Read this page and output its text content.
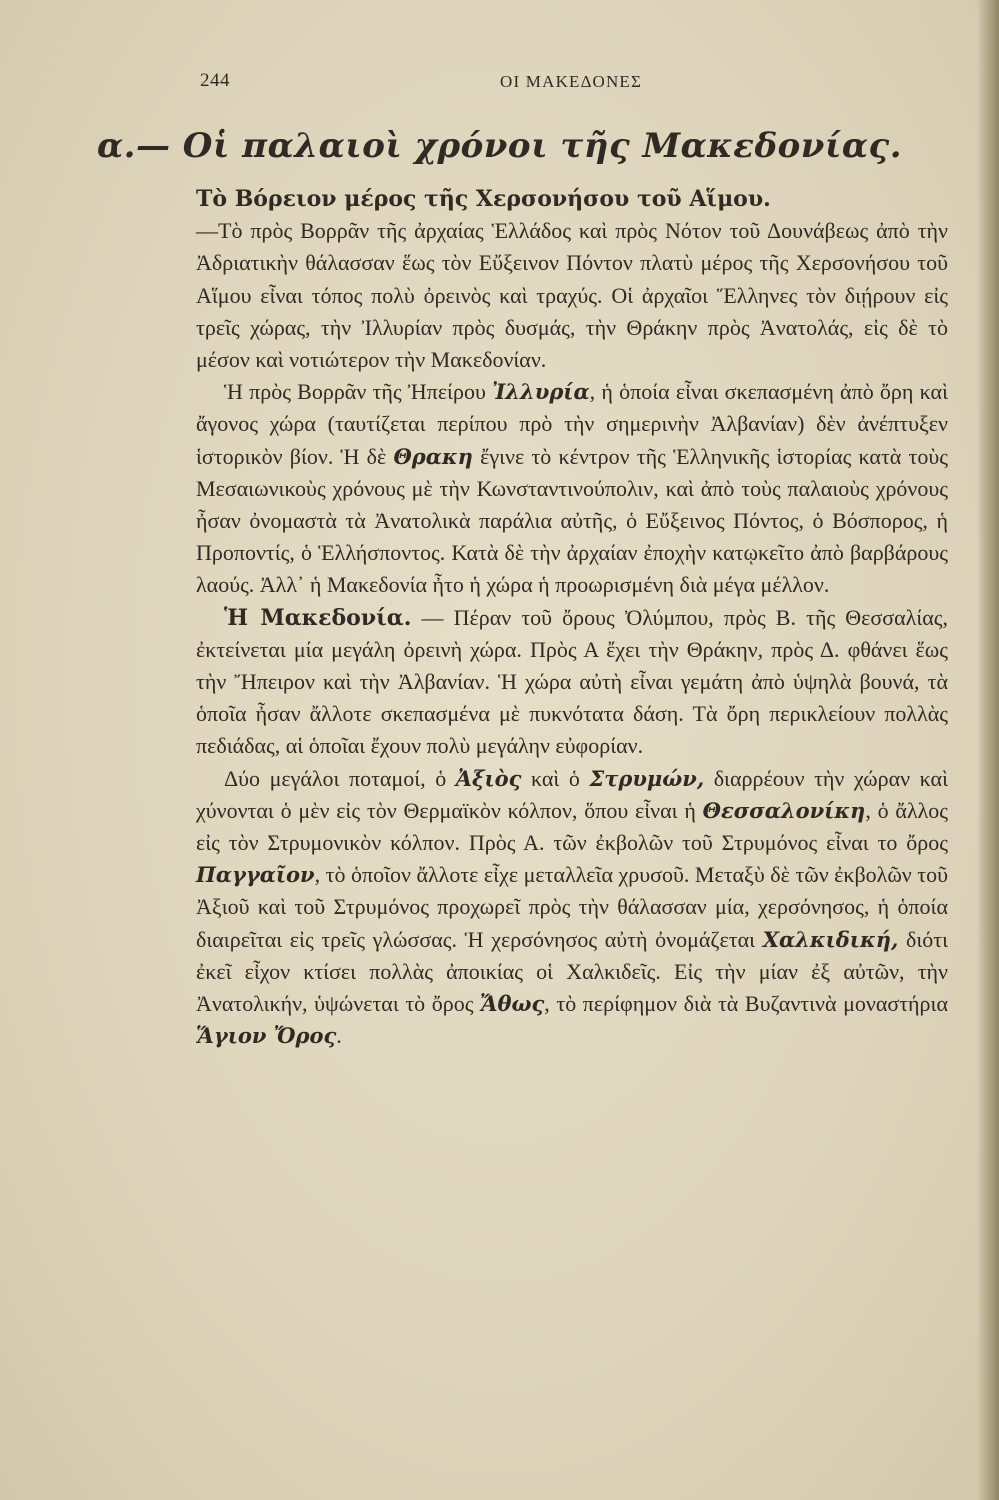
244	ΟΙ ΜΑΚΕΔΟΝΕΣ
α.— Οἱ παλαιοὶ χρόνοι τῆς Μακεδονίας.

Τὸ Βόρειον μέρος τῆς Χερσονήσου τοῦ Αἵμου.
—Τὸ πρὸς Βορρᾶν τῆς ἀρχαίας Ἑλλάδος καὶ πρὸς Νότον τοῦ Δουνάβεως ἀπὸ τὴν Ἀδριατικὴν θάλασσαν ἕως τὸν Εὔξεινον Πόντον πλατὺ μέρος τῆς Χερσονήσου τοῦ Αἵμου εἶναι τόπος πολὺ ὀρεινὸς καὶ τραχύς. Οἱ ἀρχαῖοι Ἕλληνες τὸν διῄρουν εἰς τρεῖς χώρας, τὴν Ἰλλυρίαν πρὸς δυσμάς, τὴν Θράκην πρὸς Ἀνατολάς, εἰς δὲ τὸ μέσον καὶ νοτιώτερον τὴν Μακεδονίαν.

Ἡ πρὸς Βορρᾶν τῆς Ἠπείρου Ἰλλυρία, ἡ ὁποία εἶναι σκεπασμένη ἀπὸ ὄρη καὶ ἄγονος χώρα (ταυτίζεται περίπου πρὸ τὴν σημερινὴν Ἀλβανίαν) δὲν ἀνέπτυξεν ἱστορικὸν βίον. Ἡ δὲ Θρακη ἔγινε τὸ κέντρον τῆς Ἑλληνικῆς ἱστορίας κατὰ τοὺς Μεσαιωνικοὺς χρόνους μὲ τὴν Κωνσταντινούπολιν, καὶ ἀπὸ τοὺς παλαιοὺς χρόνους ἦσαν ὀνομαστὰ τὰ Ἀνατολικὰ παράλια αὐτῆς, ὁ Εὔξεινος Πόντος, ὁ Βόσπορος, ἡ Προποντίς, ὁ Ἑλλήσποντος. Κατὰ δὲ τὴν ἀρχαίαν ἐποχὴν κατῳκεῖτο ἀπὸ βαρβάρους λαούς. Ἀλλ᾽ ἡ Μακεδονία ἦτο ἡ χώρα ἡ προωρισμένη διὰ μέγα μέλλον.

Ἡ Μακεδονία. — Πέραν τοῦ ὄρους Ὀλύμπου, πρὸς Β. τῆς Θεσσαλίας, ἐκτείνεται μία μεγάλη ὀρεινὴ χώρα. Πρὸς Α ἔχει τὴν Θράκην, πρὸς Δ. φθάνει ἕως τὴν Ἤπειρον καὶ τὴν Ἀλβανίαν. Ἡ χώρα αὐτὴ εἶναι γεμάτη ἀπὸ ὑψηλὰ βουνά, τὰ ὁποῖα ἦσαν ἄλλοτε σκεπασμένα μὲ πυκνότατα δάση. Τὰ ὄρη περικλείουν πολλὰς πεδιάδας, αἱ ὁποῖαι ἔχουν πολὺ μεγάλην εὐφορίαν.

Δύο μεγάλοι ποταμοί, ὁ Ἀξιὸς καὶ ὁ Στρυμών, διαρρέουν τὴν χώραν καὶ χύνονται ὁ μὲν εἰς τὸν Θερμαϊκὸν κόλπον, ὅπου εἶναι ἡ Θεσσαλονίκη, ὁ ἄλλος εἰς τὸν Στρυμονικὸν κόλπον. Πρὸς Α. τῶν ἐκβολῶν τοῦ Στρυμόνος εἶναι το ὄρος Παγγαῖον, τὸ ὁποῖον ἄλλοτε εἶχε μεταλλεῖα χρυσοῦ. Μεταξὺ δὲ τῶν ἐκβολῶν τοῦ Ἀξιοῦ καὶ τοῦ Στρυμόνος προχωρεῖ πρὸς τὴν θάλασσαν μία, χερσόνησος, ἡ ὁποία διαιρεῖται εἰς τρεῖς γλώσσας. Ἡ χερσόνησος αὐτὴ ὀνομάζεται Χαλκιδική, διότι ἐκεῖ εἶχον κτίσει πολλὰς ἀποικίας οἱ Χαλκιδεῖς. Εἰς τὴν μίαν ἐξ αὐτῶν, τὴν Ἀνατολικήν, ὑψώνεται τὸ ὄρος Ἄθως, τὸ περίφημον διὰ τὰ Βυζαντινὰ μοναστήρια Ἅγιον Ὄρος.
